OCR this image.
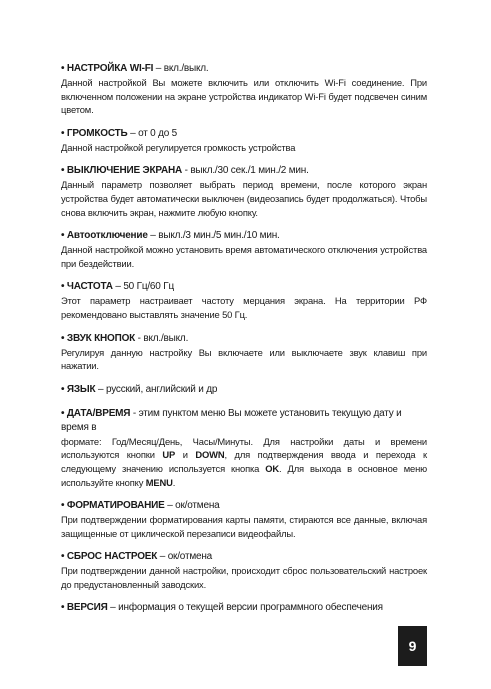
• НАСТРОЙКА WI-FI – вкл./выкл.

Данной настройкой Вы можете включить или отключить Wi-Fi соединение. При включенном положении на экране устройства индикатор Wi-Fi будет подсвечен синим цветом.

• ГРОМКОСТЬ – от 0 до 5

Данной настройкой регулируется громкость устройства

• ВЫКЛЮЧЕНИЕ ЭКРАНА - выкл./30 сек./1 мин./2 мин.

Данный параметр позволяет выбрать период времени, после которого экран устройства будет автоматически выключен (видеозапись будет продолжаться). Чтобы снова включить экран, нажмите любую кнопку.

• Автоотключение – выкл./3 мин./5 мин./10 мин.

Данной настройкой можно установить время автоматического отключения устройства при бездействии.

• ЧАСТОТА – 50 Гц/60 Гц

Этот параметр настраивает частоту мерцания экрана. На территории РФ рекомендовано выставлять значение 50 Гц.

• ЗВУК КНОПОК - вкл./выкл.

Регулируя данную настройку Вы включаете или выключаете звук клавиш при нажатии.

• ЯЗЫК – русский, английский и др

• ДАТА/ВРЕМЯ - этим пунктом меню Вы можете установить текущую дату и время в

формате: Год/Месяц/День, Часы/Минуты. Для настройки даты и времени используются кнопки UP и DOWN, для подтверждения ввода и перехода к следующему значению используется кнопка OK. Для выхода в основное меню используйте кнопку MENU.

• ФОРМАТИРОВАНИЕ – ок/отмена

При подтверждении форматирования карты памяти, стираются все данные, включая защищенные от циклической перезаписи видеофайлы.

• СБРОС НАСТРОЕК – ок/отмена

При подтверждении данной настройки, происходит сброс пользовательский настроек до предустановленный заводских.

• ВЕРСИЯ – информация о текущей версии программного обеспечения

9
